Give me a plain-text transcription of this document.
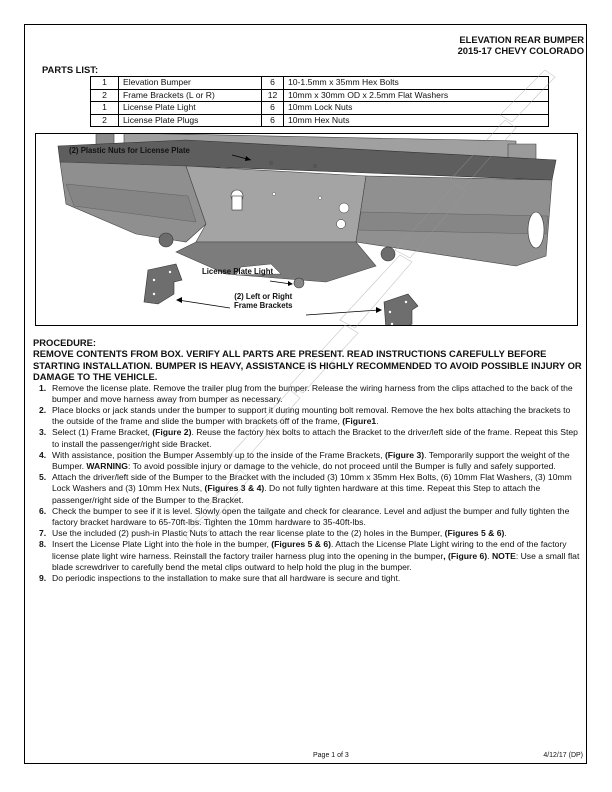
ELEVATION REAR BUMPER
2015-17 CHEVY COLORADO
PARTS LIST:
1	Elevation Bumper	6	10-1.5mm x 35mm Hex Bolts
2	Frame Brackets (L or R)	12	10mm x 30mm OD x 2.5mm Flat Washers
1	License Plate Light	6	10mm Lock Nuts
2	License Plate Plugs	6	10mm Hex Nuts
(2) Plastic Nuts for License Plate
License Plate Light
(2) Left or Right
Frame Brackets
PROCEDURE:
REMOVE CONTENTS FROM BOX. VERIFY ALL PARTS ARE PRESENT. READ INSTRUCTIONS CAREFULLY BEFORE STARTING INSTALLATION. BUMPER IS HEAVY, ASSISTANCE IS HIGHLY RECOMMENDED TO AVOID POSSIBLE INJURY OR DAMAGE TO THE VEHICLE.
1. Remove the license plate. Remove the trailer plug from the bumper. Release the wiring harness from the clips attached to the back of the bumper and move harness away from bumper as necessary.
2. Place blocks or jack stands under the bumper to support it during mounting bolt removal. Remove the hex bolts attaching the brackets to the outside of the frame and slide the bumper with brackets off of the frame, (Figure1.
3. Select (1) Frame Bracket, (Figure 2). Reuse the factory hex bolts to attach the Bracket to the driver/left side of the frame. Repeat this Step to install the passenger/right side Bracket.
4. With assistance, position the Bumper Assembly up to the inside of the Frame Brackets, (Figure 3). Temporarily support the weight of the Bumper. WARNING: To avoid possible injury or damage to the vehicle, do not proceed until the Bumper is fully and safely supported.
5. Attach the driver/left side of the Bumper to the Bracket with the included (3) 10mm x 35mm Hex Bolts, (6) 10mm Flat Washers, (3) 10mm Lock Washers and (3) 10mm Hex Nuts, (Figures 3 & 4). Do not fully tighten hardware at this time. Repeat this Step to attach the passenger/right side of the Bumper to the Bracket.
6. Check the bumper to see if it is level. Slowly open the tailgate and check for clearance. Level and adjust the bumper and fully tighten the factory bracket hardware to 65-70ft-lbs. Tighten the 10mm hardware to 35-40ft-lbs.
7. Use the included (2) push-in Plastic Nuts to attach the rear license plate to the (2) holes in the Bumper, (Figures 5 & 6).
8. Insert the License Plate Light into the hole in the bumper, (Figures 5 & 6). Attach the License Plate Light wiring to the end of the factory license plate light wire harness. Reinstall the factory trailer harness plug into the opening in the bumper, (Figure 6). NOTE: Use a small flat blade screwdriver to carefully bend the metal clips outward to help hold the plug in the bumper.
9. Do periodic inspections to the installation to make sure that all hardware is secure and tight.
Page 1 of 3	4/12/17 (DP)
